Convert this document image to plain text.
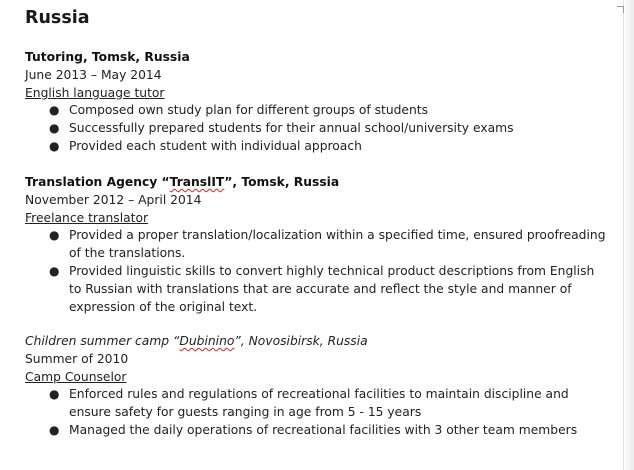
Russia
Tutoring, Tomsk, Russia
June 2013 – May 2014
English language tutor
● Composed own study plan for different groups of students
● Successfully prepared students for their annual school/university exams
● Provided each student with individual approach
Translation Agency “TranslIT”, Tomsk, Russia
November 2012 – April 2014
Freelance translator
● Provided a proper translation/localization within a specified time, ensured proofreading of the translations.
● Provided linguistic skills to convert highly technical product descriptions from English to Russian with translations that are accurate and reflect the style and manner of expression of the original text.
Children summer camp “Dubinino”, Novosibirsk, Russia
Summer of 2010
Camp Counselor
● Enforced rules and regulations of recreational facilities to maintain discipline and ensure safety for guests ranging in age from 5 - 15 years
● Managed the daily operations of recreational facilities with 3 other team members
